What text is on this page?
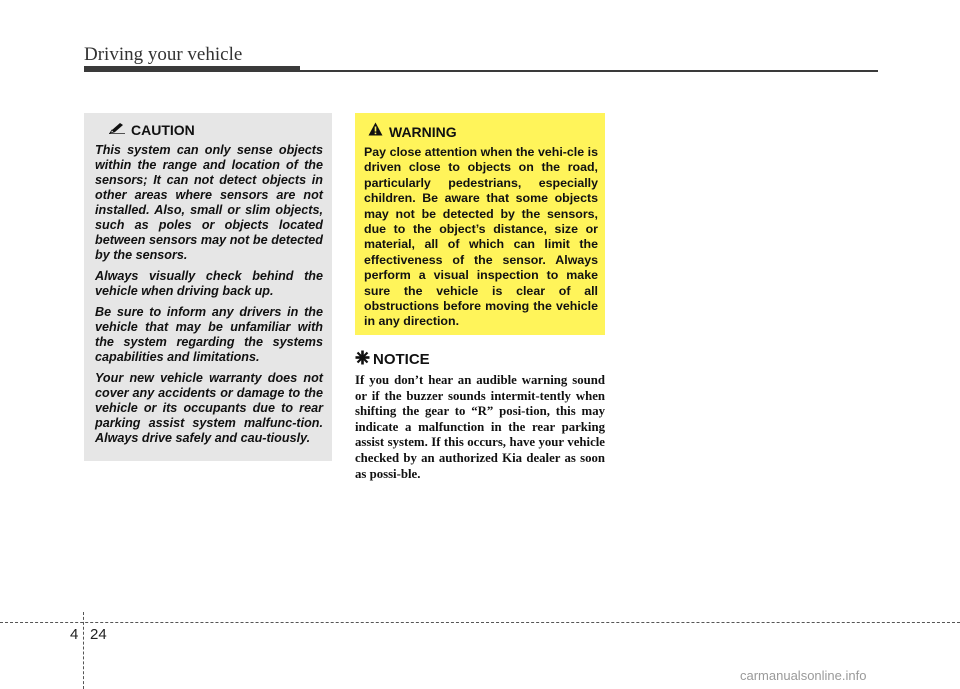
Driving your vehicle
CAUTION

This system can only sense objects within the range and location of the sensors; It can not detect objects in other areas where sensors are not installed. Also, small or slim objects, such as poles or objects located between sensors may not be detected by the sensors.

Always visually check behind the vehicle when driving back up.

Be sure to inform any drivers in the vehicle that may be unfamiliar with the system regarding the systems capabilities and limitations.

Your new vehicle warranty does not cover any accidents or damage to the vehicle or its occupants due to rear parking assist system malfunc-tion. Always drive safely and cau-tiously.

WARNING

Pay close attention when the vehi-cle is driven close to objects on the road, particularly pedestrians, especially children. Be aware that some objects may not be detected by the sensors, due to the object’s distance, size or material, all of which can limit the effectiveness of the sensor. Always perform a visual inspection to make sure the vehicle is clear of all obstructions before moving the vehicle in any direction.

NOTICE

If you don’t hear an audible warning sound or if the buzzer sounds intermit-tently when shifting the gear to “R” posi-tion, this may indicate a malfunction in the rear parking assist system. If this occurs, have your vehicle checked by an authorized Kia dealer as soon as possi-ble.

4 24
carmanualsonline.info
